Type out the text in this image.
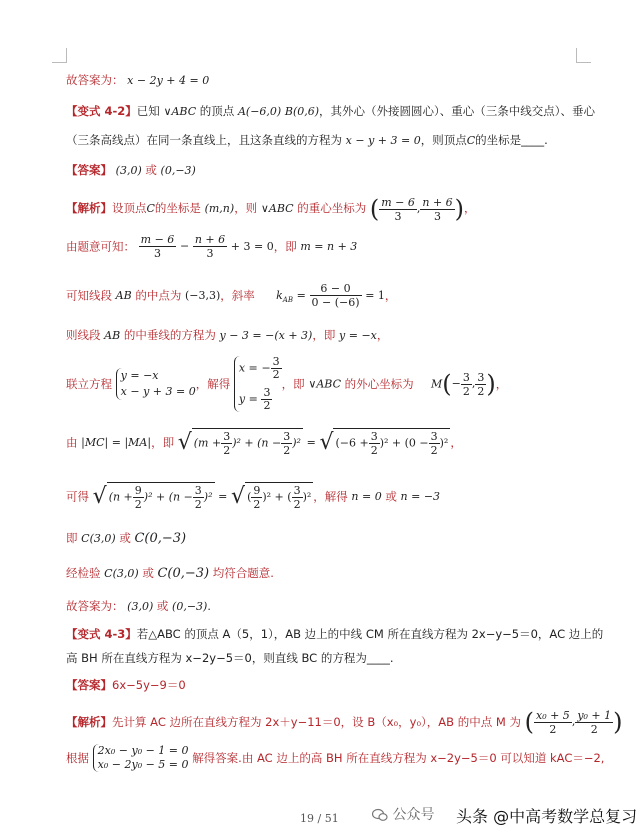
故答案为： x − 2y + 4 = 0
【变式 4-2】已知 ∨ABC 的顶点 A(−6,0) B(0,6)，其外心（外接圆圆心）、重心（三条中线交点）、垂心
（三条高线点）在同一条直线上，且这条直线的方程为 x − y + 3 = 0，则顶点C的坐标是____.
【答案】 (3,0) 或 (0,−3)
【解析】设顶点C的坐标是 (m,n)，则 ∨ABC 的重心坐标为 ( $\frac{m - 6}{3}$ , $\frac{n + 6}{3}$ )，
由题意可知： $\frac{m - 6}{3} - \frac{n + 6}{3} + 3 = 0$，即 m = n + 3
可知线段 AB 的中点为 (−3,3)，斜率 $k_{AB} = \frac{6 - 0}{0 - (-6)} = 1$，
则线段 AB 的中垂线的方程为 y − 3 = −(x + 3)，即 y = −x，
联立方程
y = −x
x − y + 3 = 0
，解得
x = − $\frac{3}{2}$
$y = \frac{3}{2}$
，即 ∨ABC 的外心坐标为 $M(- \frac{3}{2}$ , $\frac{3}{2}$ )，
由 |MC| = |MA|，即 √ $(m + \frac{3}{2} )^2 + (n - \frac{3}{2} )^2$ = √ $(-6 + \frac{3}{2} )^2 + (0 - \frac{3}{2} )^2$ ，
可得 √ $(n + \frac{9}{2} )^2 + (n - \frac{3}{2} )^2$ = √ ( $\frac{9}{2} )^2$ + ( $\frac{3}{2} )^2$ ，解得 n = 0 或 n = −3
即 C(3,0) 或 C(0,−3)
经检验 C(3,0) 或 C(0,−3) 均符合题意.
故答案为： (3,0) 或 (0,−3).
【变式 4-3】若△ABC 的顶点 A（5，1），AB 边上的中线 CM 所在直线方程为 2x−y−5＝0，AC 边上的
高 BH 所在直线方程为 x−2y−5＝0，则直线 BC 的方程为____.
【答案】6x−5y−9＝0
【解析】先计算 AC 边所在直线方程为 2x＋y−11＝0，设 B（x₀，y₀），AB 的中点 M 为 ( $\frac{\text{x₀ + 5}}{2}$ , $\frac{\text{y₀ + 1}}{2}$ )
根据
2x₀ − y₀ − 1 = 0
x₀ − 2y₀ − 5 = 0 解得答案.由 AC 边上的高 BH 所在直线方程为 x−2y−5＝0 可以知道 kAC＝−2,
19 / 51	公众号 头条 @中高考数学总复习
